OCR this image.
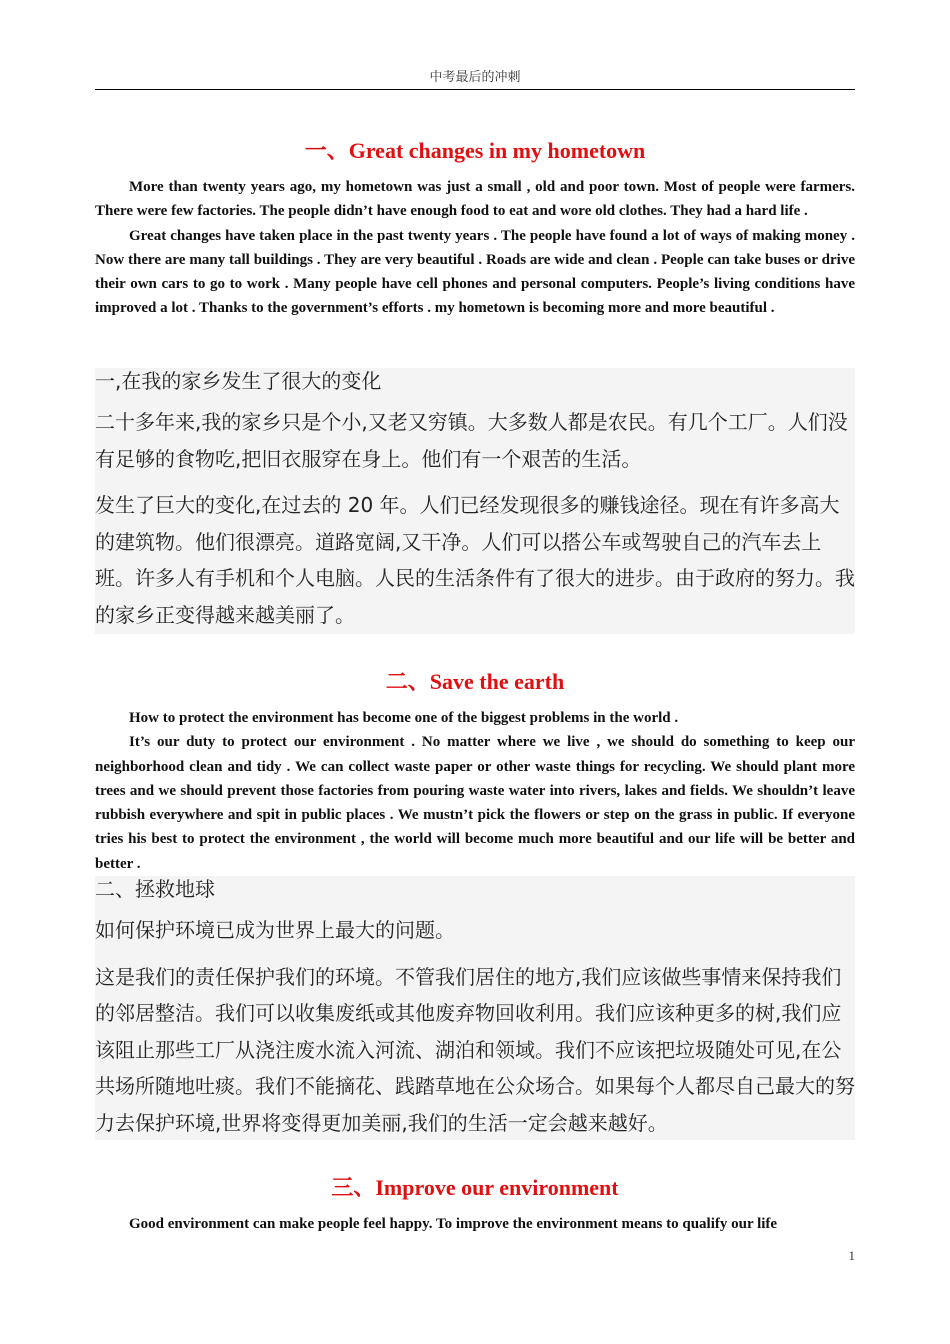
中考最后的冲刺
一、Great changes in my hometown

More than twenty years ago, my hometown was just a small , old and poor town. Most of people were farmers. There were few factories. The people didn’t have enough food to eat and wore old clothes. They had a hard life .

Great changes have taken place in the past twenty years . The people have found a lot of ways of making money . Now there are many tall buildings . They are very beautiful . Roads are wide and clean . People can take buses or drive their own cars to go to work . Many people have cell phones and personal computers. People’s living conditions have improved a lot . Thanks to the government’s efforts . my hometown is becoming more and more beautiful .

一,在我的家乡发生了很大的变化

二十多年来,我的家乡只是个小,又老又穷镇。大多数人都是农民。有几个工厂。人们没有足够的食物吃,把旧衣服穿在身上。他们有一个艰苦的生活。

发生了巨大的变化,在过去的 20 年。人们已经发现很多的赚钱途径。现在有许多高大的建筑物。他们很漂亮。道路宽阔,又干净。人们可以搭公车或驾驶自己的汽车去上班。许多人有手机和个人电脑。人民的生活条件有了很大的进步。由于政府的努力。我的家乡正变得越来越美丽了。

二、Save the earth

How to protect the environment has become one of the biggest problems in the world .

It’s our duty to protect our environment . No matter where we live , we should do something to keep our neighborhood clean and tidy . We can collect waste paper or other waste things for recycling. We should plant more trees and we should prevent those factories from pouring waste water into rivers, lakes and fields. We shouldn’t leave rubbish everywhere and spit in public places . We mustn’t pick the flowers or step on the grass in public. If everyone tries his best to protect the environment , the world will become much more beautiful and our life will be better and better .

二、拯救地球

如何保护环境已成为世界上最大的问题。

这是我们的责任保护我们的环境。不管我们居住的地方,我们应该做些事情来保持我们的邻居整洁。我们可以收集废纸或其他废弃物回收利用。我们应该种更多的树,我们应该阻止那些工厂从浇注废水流入河流、湖泊和领域。我们不应该把垃圾随处可见,在公共场所随地吐痰。我们不能摘花、践踏草地在公众场合。如果每个人都尽自己最大的努力去保护环境,世界将变得更加美丽,我们的生活一定会越来越好。

三、Improve our environment

Good environment can make people feel happy. To improve the environment means to qualify our life

1
